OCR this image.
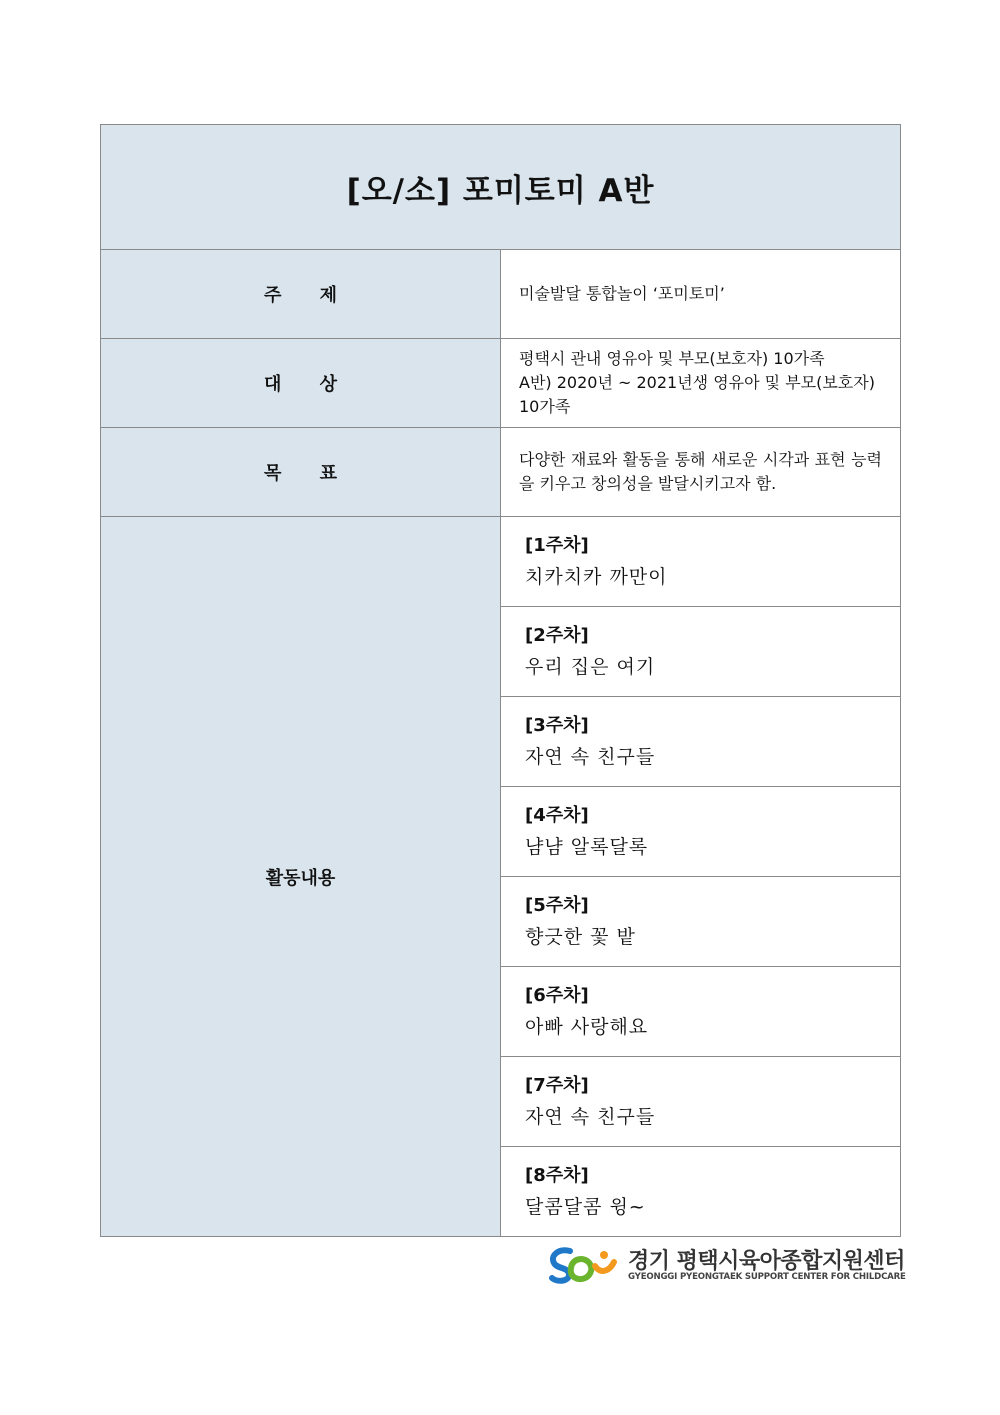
[오/소] 포미토미 A반	
주 제	미술발달 통합놀이 ‘포미토미’
대 상	평택시 관내 영유아 및 부모(보호자) 10가족
A반) 2020년 ~ 2021년생 영유아 및 부모(보호자) 10가족

목 표	다양한 재료와 활동을 통해 새로운 시각과 표현 능력을 키우고 창의성을 발달시키고자 함.

활동내용	[1주차]
치카치카 까만이

	[2주차]
우리 집은 여기

	[3주차]
자연 속 친구들

	[4주차]
냠냠 알록달록

	[5주차]
향긋한 꽃 밭

	[6주차]
아빠 사랑해요

	[7주차]
자연 속 친구들

	[8주차]
달콤달콤 윙~
경기 평택시육아종합지원센터
GYEONGGI PYEONGTAEK SUPPORT CENTER FOR CHILDCARE
